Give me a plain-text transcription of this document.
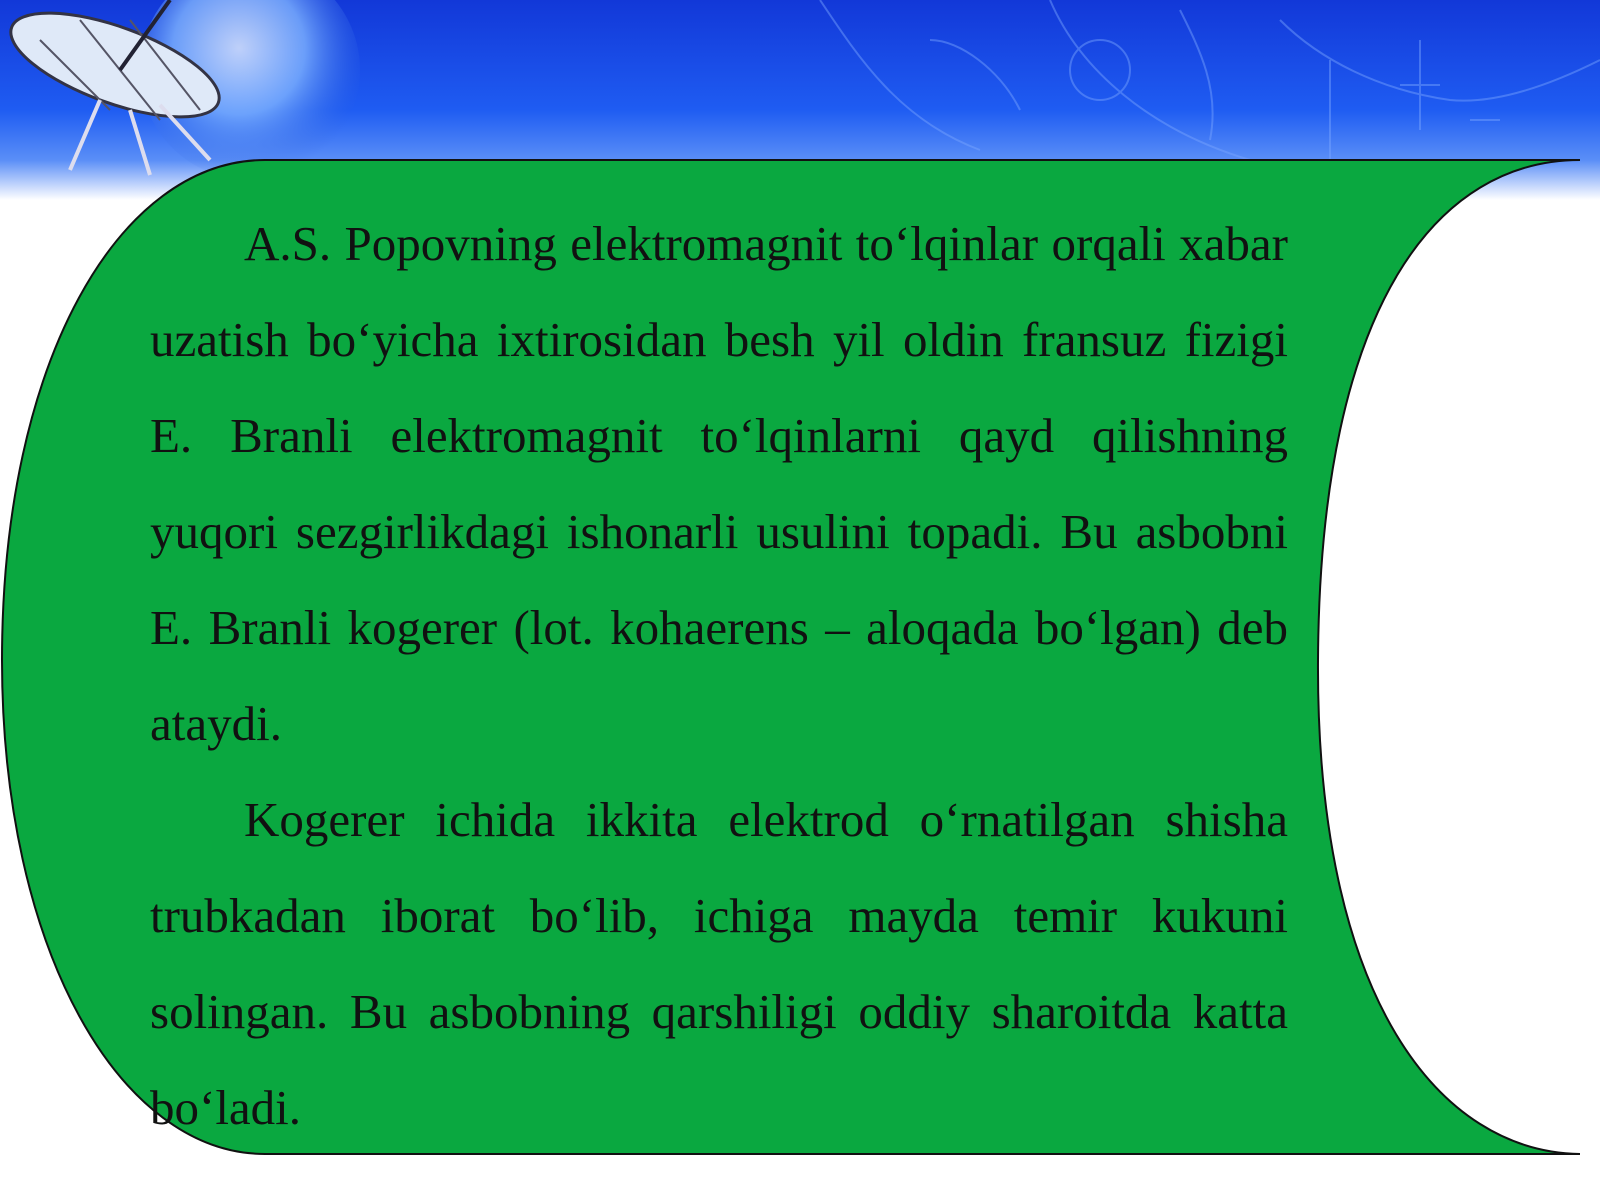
A.S. Popovning elektromagnit to‘lqinlar orqali xabar uzatish bo‘yicha ixtirosidan besh yil oldin fransuz fizigi E. Branli elektromagnit to‘lqinlarni qayd qilishning yuqori sezgirlikdagi ishonarli usulini topadi. Bu asbobni E. Branli kogerer (lot. kohaerens – aloqada bo‘lgan) deb ataydi.

Kogerer ichida ikkita elektrod o‘rnatilgan shisha trubkadan iborat bo‘lib, ichiga mayda temir kukuni solingan. Bu asbobning qarshiligi oddiy sharoitda katta bo‘ladi.
